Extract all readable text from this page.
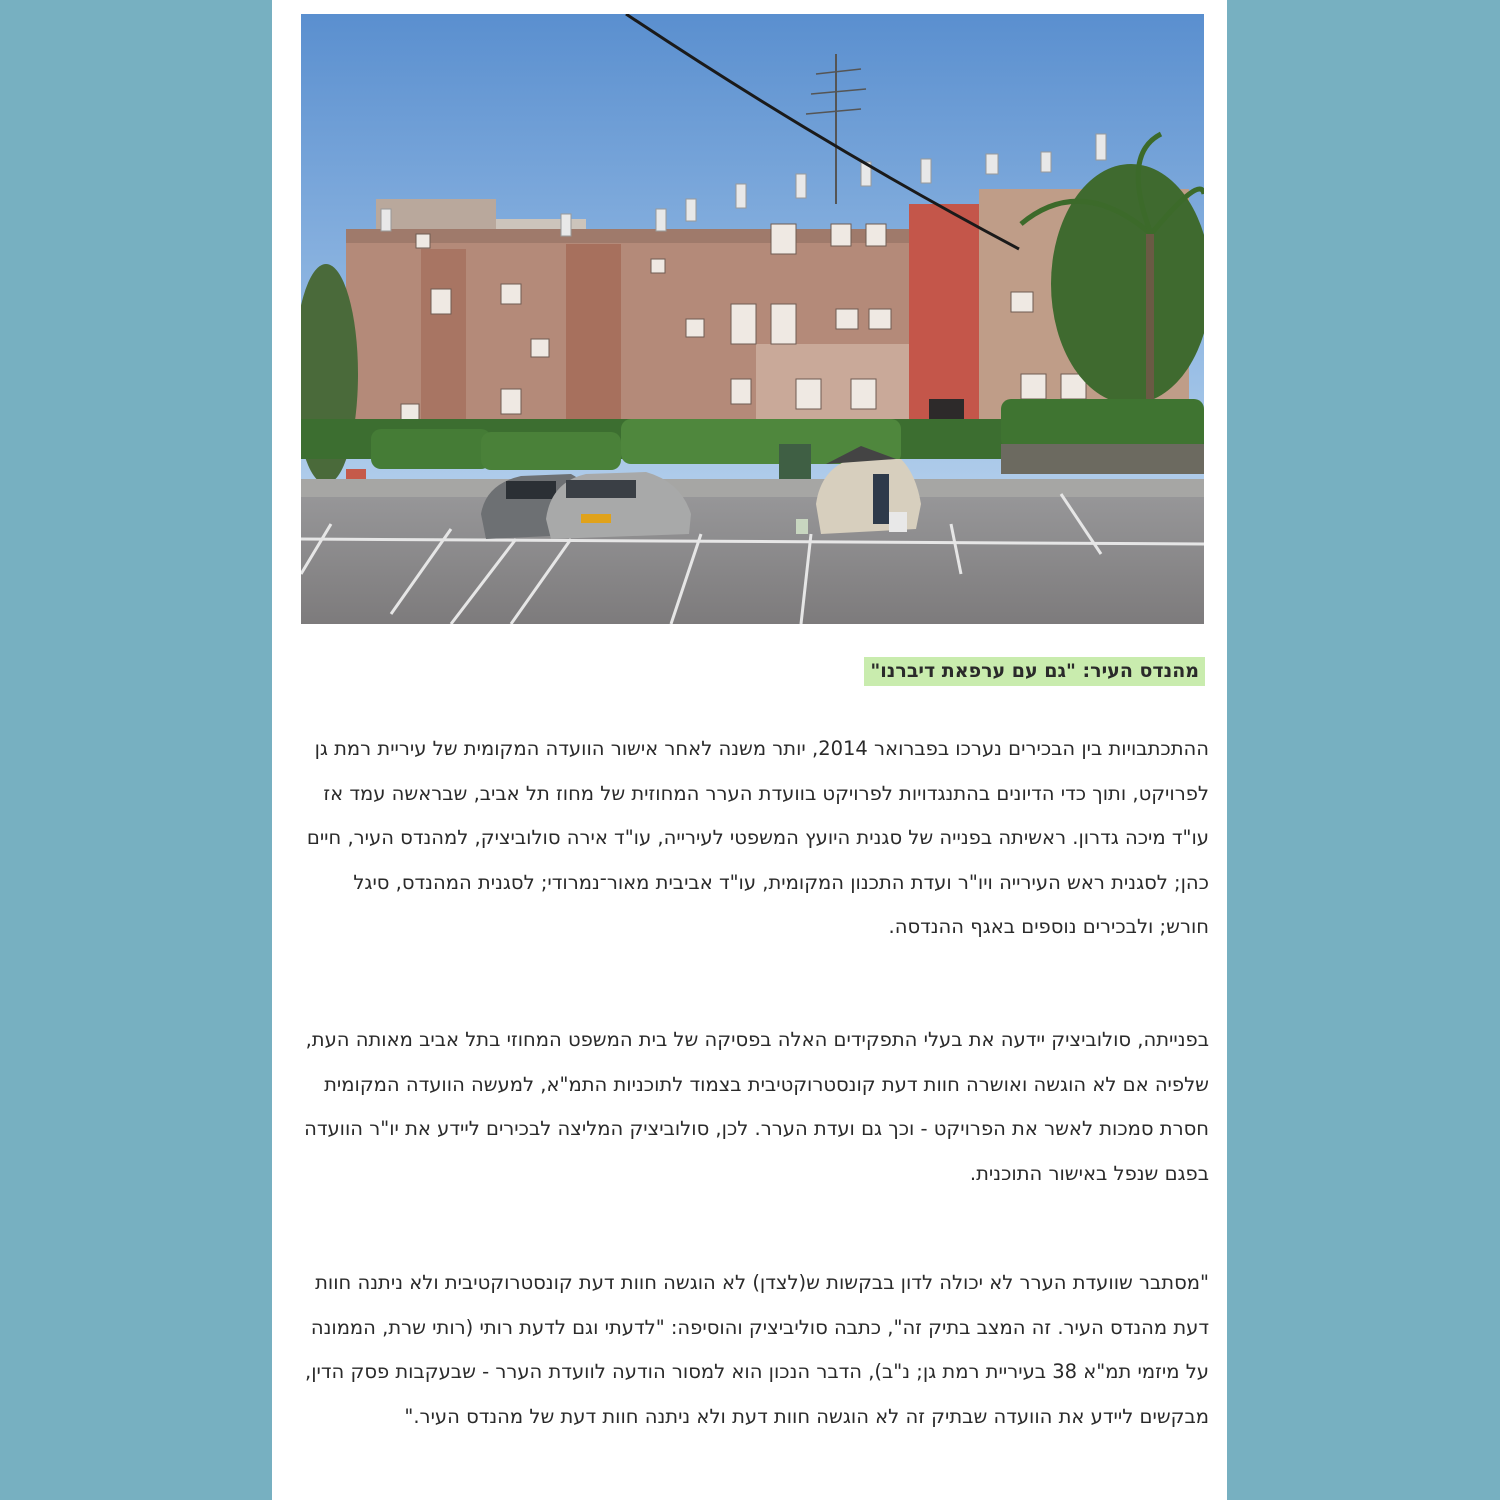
מהנדס העיר: "גם עם ערפאת דיברנו"
ההתכתבויות בין הבכירים נערכו בפברואר 2014, יותר משנה לאחר אישור הוועדה המקומית של עיריית רמת גן לפרויקט, ותוך כדי הדיונים בהתנגדויות לפרויקט בוועדת הערר המחוזית של מחוז תל אביב, שבראשה עמד אז עו"ד מיכה גדרון. ראשיתה בפנייה של סגנית היועץ המשפטי לעירייה, עו"ד אירה סולוביציק, למהנדס העיר, חיים כהן; לסגנית ראש העירייה ויו"ר ועדת התכנון המקומית, עו"ד אביבית מאור־נמרודי; לסגנית המהנדס, סיגל חורש; ולבכירים נוספים באגף ההנדסה.
בפנייתה, סולוביציק יידעה את בעלי התפקידים האלה בפסיקה של בית המשפט המחוזי בתל אביב מאותה העת, שלפיה אם לא הוגשה ואושרה חוות דעת קונסטרוקטיבית בצמוד לתוכניות התמ"א, למעשה הוועדה המקומית חסרת סמכות לאשר את הפרויקט - וכך גם ועדת הערר. לכן, סולוביציק המליצה לבכירים ליידע את יו"ר הוועדה בפגם שנפל באישור התוכנית.
"מסתבר שוועדת הערר לא יכולה לדון בבקשות ש(לצדן) לא הוגשה חוות דעת קונסטרוקטיבית ולא ניתנה חוות דעת מהנדס העיר. זה המצב בתיק זה", כתבה סוליביציק והוסיפה: "לדעתי וגם לדעת רותי (רותי שרת, הממונה על מיזמי תמ"א 38 בעיריית רמת גן; נ"ב), הדבר הנכון הוא למסור הודעה לוועדת הערר - שבעקבות פסק הדין, מבקשים ליידע את הוועדה שבתיק זה לא הוגשה חוות דעת ולא ניתנה חוות דעת של מהנדס העיר."
